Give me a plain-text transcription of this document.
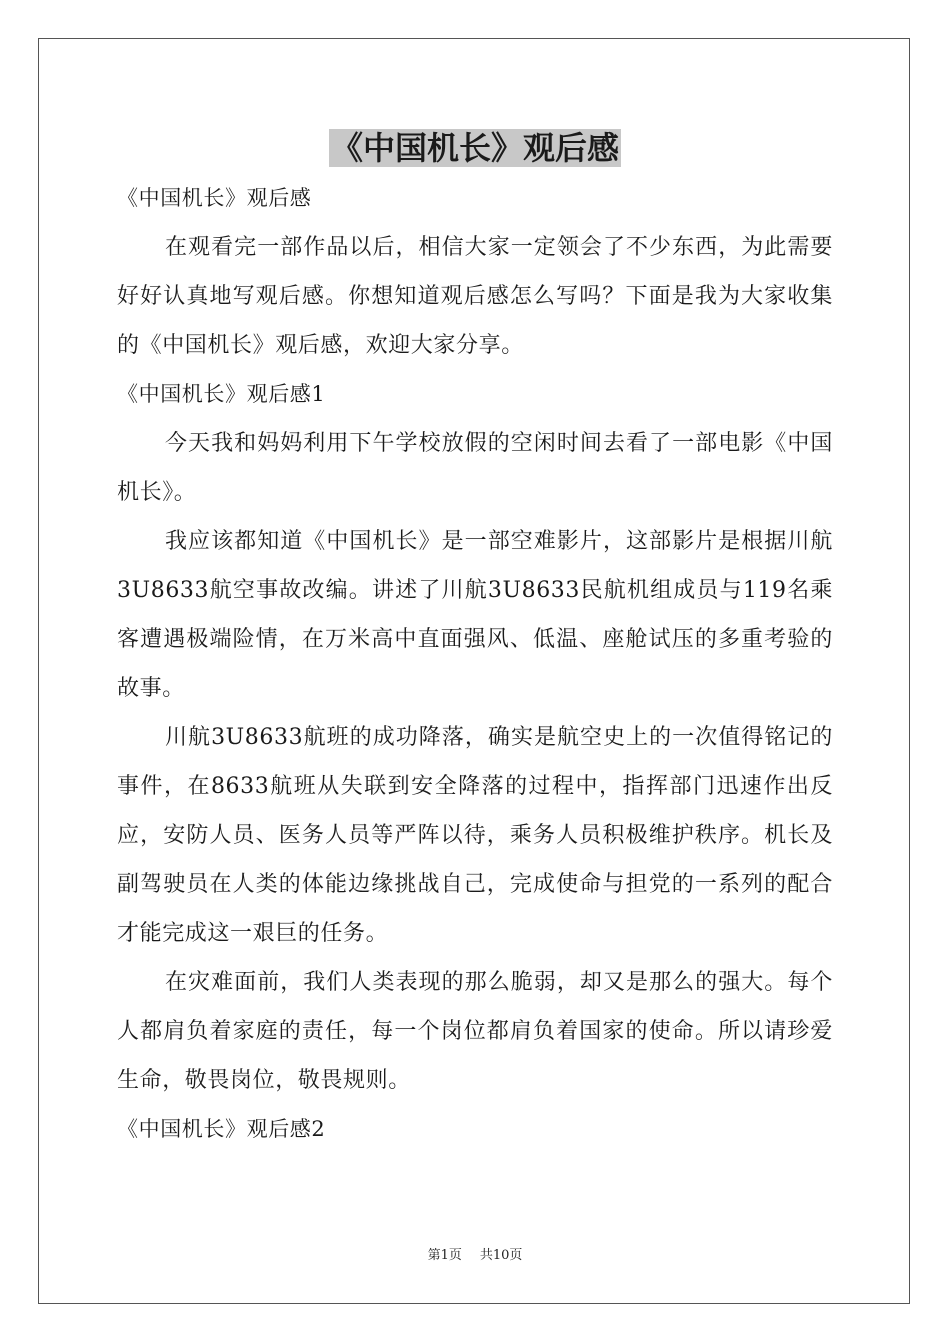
《中国机长》观后感

《中国机长》观后感

在观看完一部作品以后，相信大家一定领会了不少东西，为此需要好好认真地写观后感。你想知道观后感怎么写吗？下面是我为大家收集的《中国机长》观后感，欢迎大家分享。

《中国机长》观后感1

今天我和妈妈利用下午学校放假的空闲时间去看了一部电影《中国机长》。

我应该都知道《中国机长》是一部空难影片，这部影片是根据川航3U8633航空事故改编。讲述了川航3U8633民航机组成员与119名乘客遭遇极端险情，在万米高中直面强风、低温、座舱试压的多重考验的故事。

川航3U8633航班的成功降落，确实是航空史上的一次值得铭记的事件，在8633航班从失联到安全降落的过程中，指挥部门迅速作出反应，安防人员、医务人员等严阵以待，乘务人员积极维护秩序。机长及副驾驶员在人类的体能边缘挑战自己，完成使命与担党的一系列的配合才能完成这一艰巨的任务。

在灾难面前，我们人类表现的那么脆弱，却又是那么的强大。每个人都肩负着家庭的责任，每一个岗位都肩负着国家的使命。所以请珍爱生命，敬畏岗位，敬畏规则。

《中国机长》观后感2

第1页 共10页
